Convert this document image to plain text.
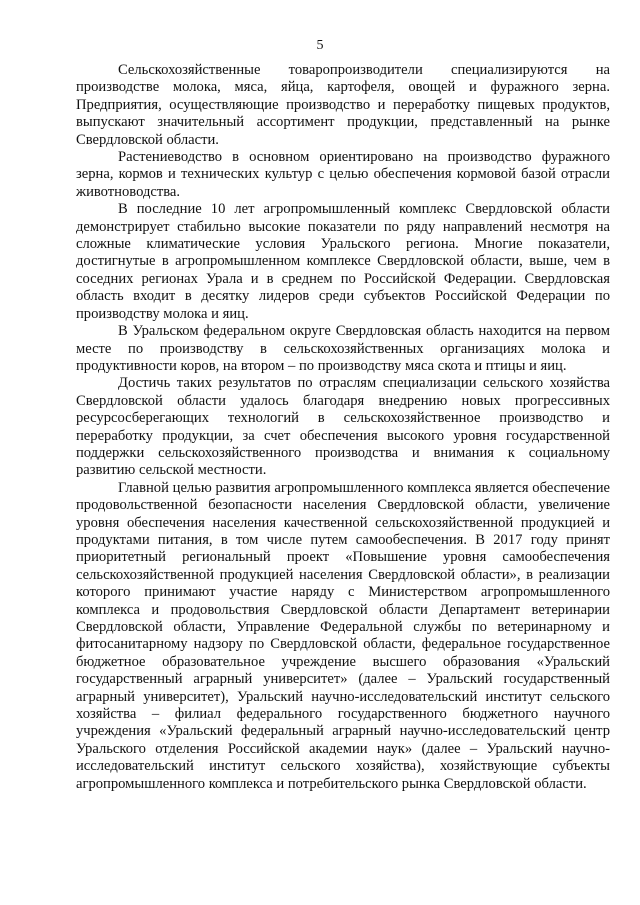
5

Сельскохозяйственные товаропроизводители специализируются на производстве молока, мяса, яйца, картофеля, овощей и фуражного зерна. Предприятия, осуществляющие производство и переработку пищевых продуктов, выпускают значительный ассортимент продукции, представленный на рынке Свердловской области.

Растениеводство в основном ориентировано на производство фуражного зерна, кормов и технических культур с целью обеспечения кормовой базой отрасли животноводства.

В последние 10 лет агропромышленный комплекс Свердловской области демонстрирует стабильно высокие показатели по ряду направлений несмотря на сложные климатические условия Уральского региона. Многие показатели, достигнутые в агропромышленном комплексе Свердловской области, выше, чем в соседних регионах Урала и в среднем по Российской Федерации. Свердловская область входит в десятку лидеров среди субъектов Российской Федерации по производству молока и яиц.

В Уральском федеральном округе Свердловская область находится на первом месте по производству в сельскохозяйственных организациях молока и продуктивности коров, на втором – по производству мяса скота и птицы и яиц.

Достичь таких результатов по отраслям специализации сельского хозяйства Свердловской области удалось благодаря внедрению новых прогрессивных ресурсосберегающих технологий в сельскохозяйственное производство и переработку продукции, за счет обеспечения высокого уровня государственной поддержки сельскохозяйственного производства и внимания к социальному развитию сельской местности.

Главной целью развития агропромышленного комплекса является обеспечение продовольственной безопасности населения Свердловской области, увеличение уровня обеспечения населения качественной сельскохозяйственной продукцией и продуктами питания, в том числе путем самообеспечения. В 2017 году принят приоритетный региональный проект «Повышение уровня самообеспечения сельскохозяйственной продукцией населения Свердловской области», в реализации которого принимают участие наряду с Министерством агропромышленного комплекса и продовольствия Свердловской области Департамент ветеринарии Свердловской области, Управление Федеральной службы по ветеринарному и фитосанитарному надзору по Свердловской области, федеральное государственное бюджетное образовательное учреждение высшего образования «Уральский государственный аграрный университет» (далее – Уральский государственный аграрный университет), Уральский научно-исследовательский институт сельского хозяйства – филиал федерального государственного бюджетного научного учреждения «Уральский федеральный аграрный научно-исследовательский центр Уральского отделения Российской академии наук» (далее – Уральский научно-исследовательский институт сельского хозяйства), хозяйствующие субъекты агропромышленного комплекса и потребительского рынка Свердловской области.
